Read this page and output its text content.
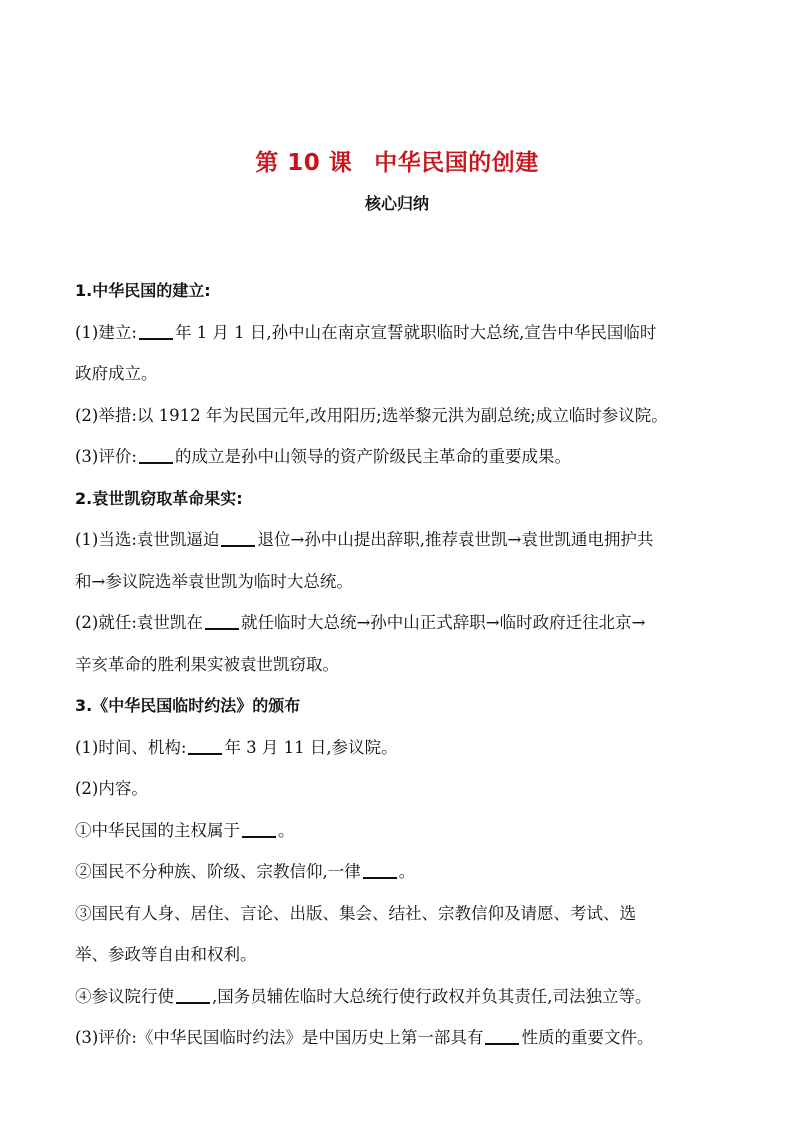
第 10 课 中华民国的创建
核心归纳

1.中华民国的建立:

(1)建立: 年 1 月 1 日,孙中山在南京宣誓就职临时大总统,宣告中华民国临时

政府成立。

(2)举措:以 1912 年为民国元年,改用阳历;选举黎元洪为副总统;成立临时参议院。

(3)评价: 的成立是孙中山领导的资产阶级民主革命的重要成果。

2.袁世凯窃取革命果实:

(1)当选:袁世凯逼迫 退位→孙中山提出辞职,推荐袁世凯→袁世凯通电拥护共

和→参议院选举袁世凯为临时大总统。

(2)就任:袁世凯在 就任临时大总统→孙中山正式辞职→临时政府迁往北京→

辛亥革命的胜利果实被袁世凯窃取。

3.《中华民国临时约法》的颁布

(1)时间、机构: 年 3 月 11 日,参议院。

(2)内容。

①中华民国的主权属于 。

②国民不分种族、阶级、宗教信仰,一律 。

③国民有人身、居住、言论、出版、集会、结社、宗教信仰及请愿、考试、选

举、参政等自由和权利。

④参议院行使 ,国务员辅佐临时大总统行使行政权并负其责任,司法独立等。

(3)评价:《中华民国临时约法》是中国历史上第一部具有 性质的重要文件。
